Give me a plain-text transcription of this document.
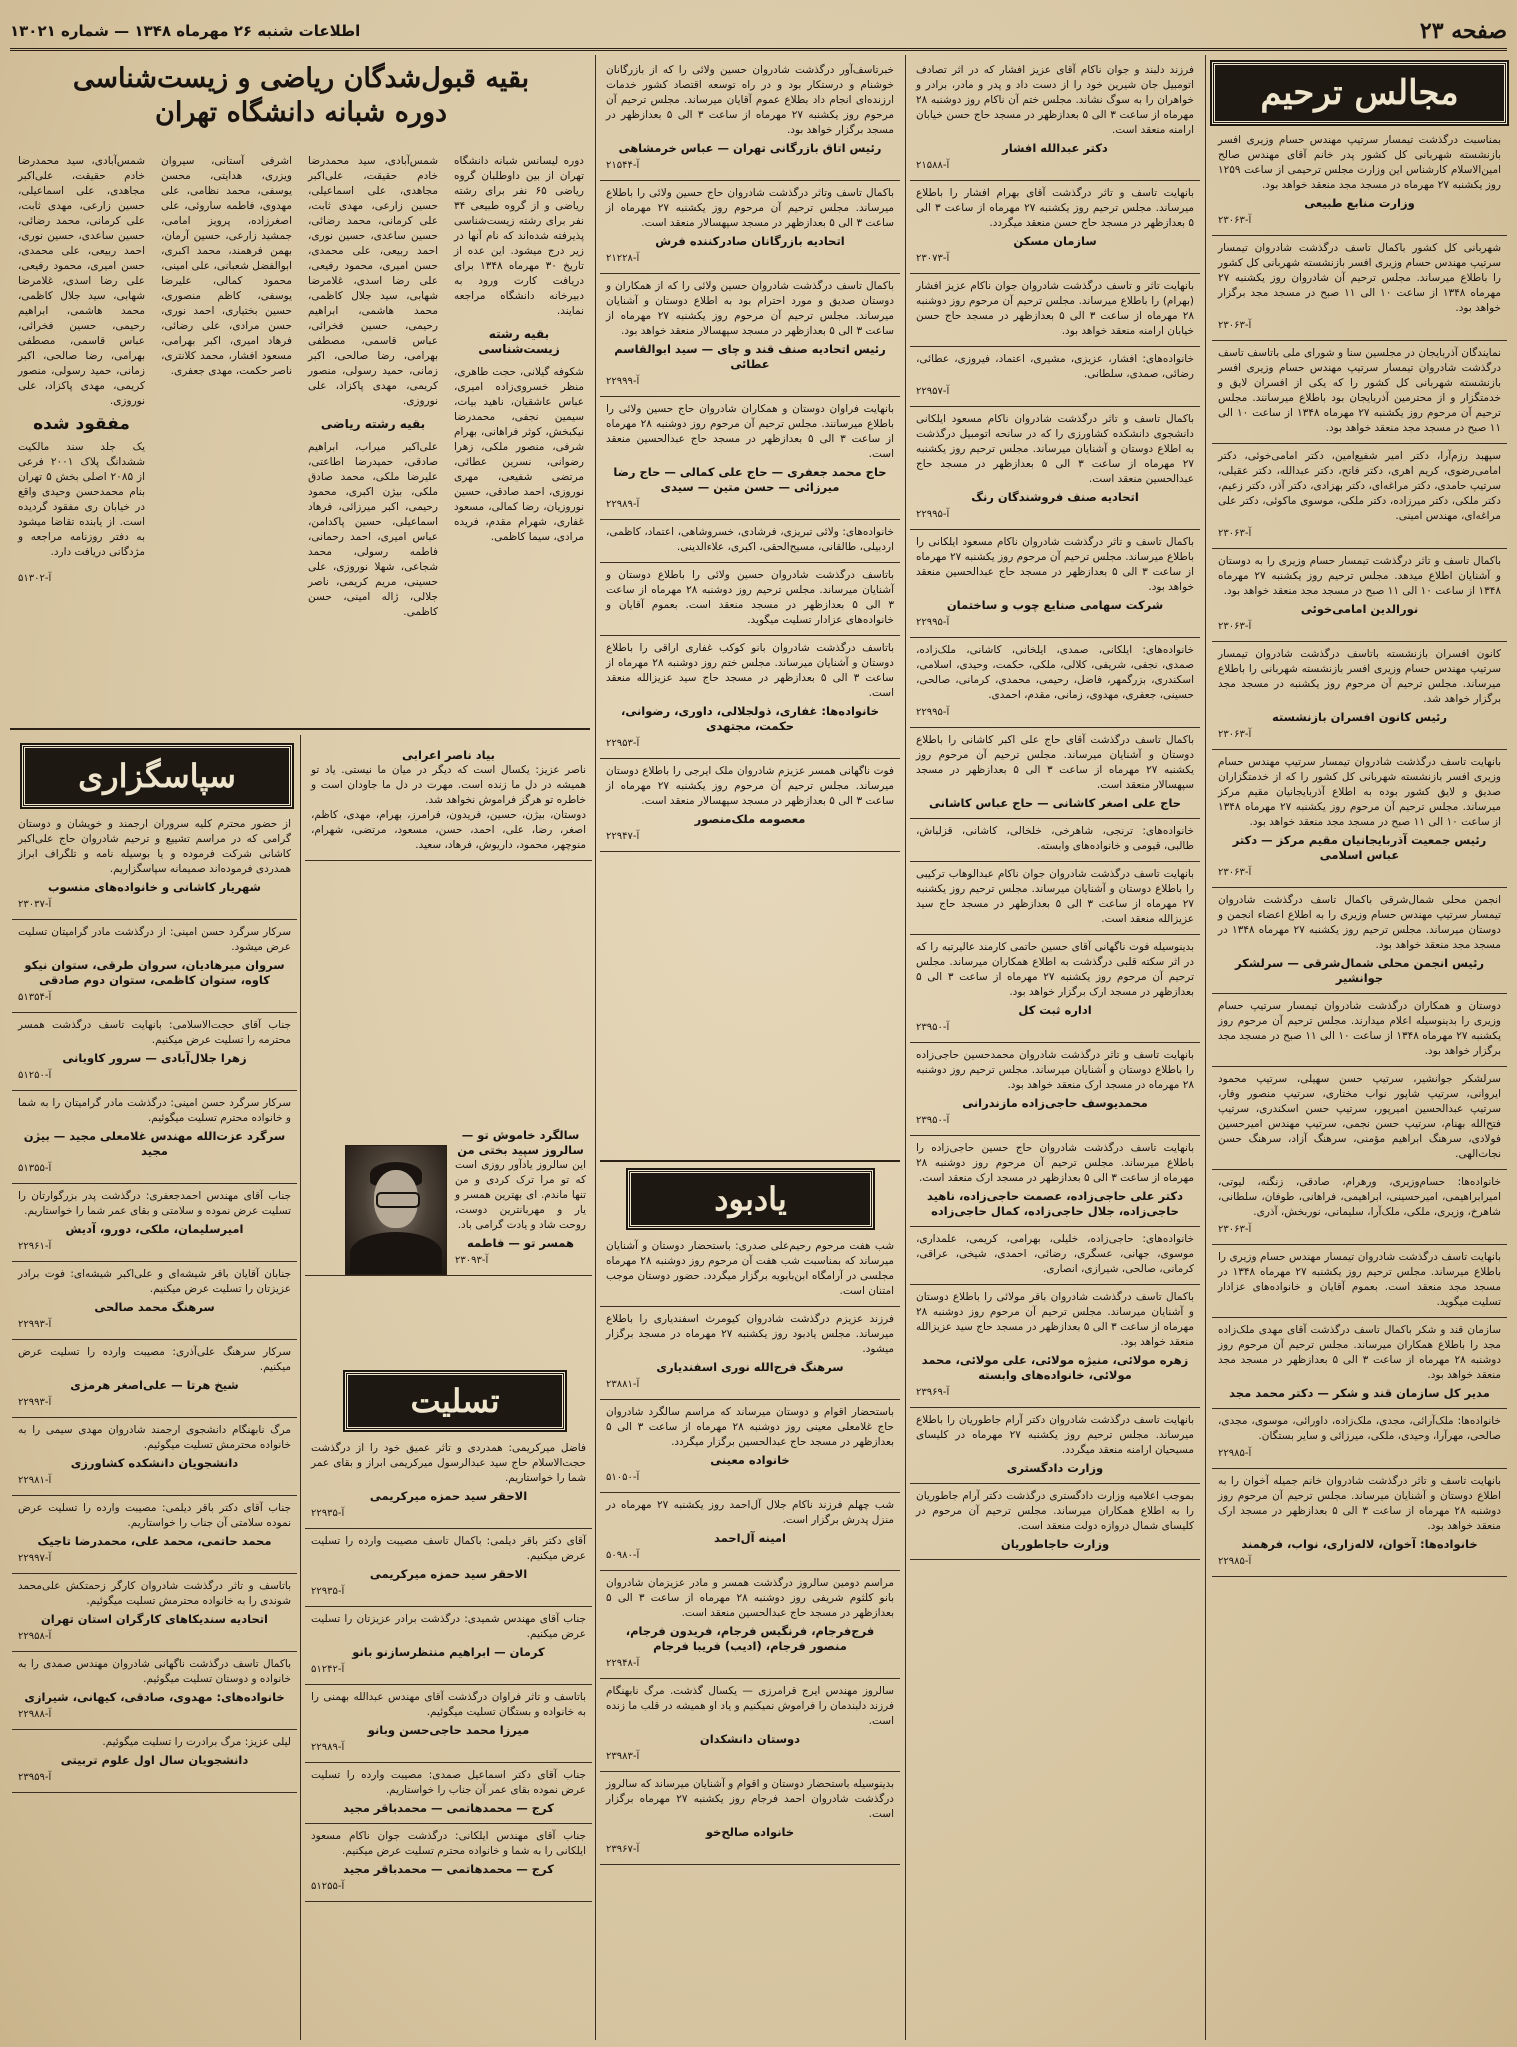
صفحه ۲۳
اطلاعات شنبه ۲۶ مهرماه ۱۳۴۸ — شماره ۱۳۰۲۱
مجالس ترحیم

بمناسبت درگذشت تیمسار سرتیپ مهندس حسام وزیری افسر بازنشسته شهربانی کل کشور پدر خانم آقای مهندس صالح امین‌الاسلام کارشناس این وزارت مجلس ترحیمی از ساعت ۱۲۵۹ روز یکشنبه ۲۷ مهرماه در مسجد مجد منعقد خواهد بود.

وزارت منابع طبیعی
آ-۲۳۰۶۳

شهربانی کل کشور باکمال تاسف درگذشت شادروان تیمسار سرتیپ مهندس حسام وزیری افسر بازنشسته شهربانی کل کشور را باطلاع میرساند. مجلس ترحیم آن شادروان روز یکشنبه ۲۷ مهرماه ۱۳۴۸ از ساعت ۱۰ الی ۱۱ صبح در مسجد مجد برگزار خواهد بود.

آ-۲۳۰۶۳

نمایندگان آذربایجان در مجلسین سنا و شورای ملی باتاسف تاسف درگذشت شادروان تیمسار سرتیپ مهندس حسام وزیری افسر بازنشسته شهربانی کل کشور را که یکی از افسران لایق و خدمتگزار و از محترمین آذربایجان بود باطلاع میرسانند. مجلس ترحیم آن مرحوم روز یکشنبه ۲۷ مهرماه ۱۳۴۸ از ساعت ۱۰ الی ۱۱ صبح در مسجد مجد منعقد خواهد بود.

سپهبد رزم‌آرا، دکتر امیر شفیع‌امین، دکتر امامی‌خوئی، دکتر امامی‌رضوی، کریم اهری، دکتر فاتح، دکتر عبدالله، دکتر عقیلی، سرتیپ حامدی، دکتر مراغه‌ای، دکتر بهزادی، دکتر آذر، دکتر زعیم، دکتر ملکی، دکتر میرزاده، دکتر ملکی، موسوی ماکوئی، دکتر علی مراغه‌ای، مهندس امینی.

آ-۲۳۰۶۳

باکمال تاسف و تاثر درگذشت تیمسار حسام وزیری را به دوستان و آشنایان اطلاع میدهد. مجلس ترحیم روز یکشنبه ۲۷ مهرماه ۱۳۴۸ از ساعت ۱۰ الی ۱۱ صبح در مسجد مجد منعقد خواهد بود.

نورالدین امامی‌خوئی
آ-۲۳۰۶۳

کانون افسران بازنشسته باتاسف درگذشت شادروان تیمسار سرتیپ مهندس حسام وزیری افسر بازنشسته شهربانی را باطلاع میرساند. مجلس ترحیم آن مرحوم روز یکشنبه در مسجد مجد برگزار خواهد شد.

رئیس کانون افسران بازنشسته
آ-۲۳۰۶۳

بانهایت تاسف درگذشت شادروان تیمسار سرتیپ مهندس حسام وزیری افسر بازنشسته شهربانی کل کشور را که از خدمتگزاران صدیق و لایق کشور بوده به اطلاع آذربایجانیان مقیم مرکز میرساند. مجلس ترحیم آن مرحوم روز یکشنبه ۲۷ مهرماه ۱۳۴۸ از ساعت ۱۰ الی ۱۱ صبح در مسجد مجد منعقد خواهد بود.

رئیس جمعیت آذربایجانیان مقیم مرکز — دکتر عباس اسلامی
آ-۲۳۰۶۳

انجمن محلی شمال‌شرقی باکمال تاسف درگذشت شادروان تیمسار سرتیپ مهندس حسام وزیری را به اطلاع اعضاء انجمن و دوستان میرساند. مجلس ترحیم روز یکشنبه ۲۷ مهرماه ۱۳۴۸ در مسجد مجد منعقد خواهد بود.

رئیس انجمن محلی شمال‌شرقی — سرلشکر جوانشیر

دوستان و همکاران درگذشت شادروان تیمسار سرتیپ حسام وزیری را بدینوسیله اعلام میدارند. مجلس ترحیم آن مرحوم روز یکشنبه ۲۷ مهرماه ۱۳۴۸ از ساعت ۱۰ الی ۱۱ صبح در مسجد مجد برگزار خواهد بود.

سرلشکر جوانشیر، سرتیپ حسن سهیلی، سرتیپ محمود ایروانی، سرتیپ شاپور نواب مختاری، سرتیپ منصور وفار، سرتیپ عبدالحسین امیرپور، سرتیپ حسن اسکندری، سرتیپ فتح‌الله بهنام، سرتیپ حسن نجمی، سرتیپ مهندس امیرحسین فولادی، سرهنگ ابراهیم مؤمنی، سرهنگ آزاد، سرهنگ حسن نجات‌الهی.

خانواده‌ها: حسام‌وزیری، ورهرام، صادقی، زنگنه، لیوتی، امیرابراهیمی، امیرحسینی، ابراهیمی، فراهانی، طوفان، سلطانی، شاهرخ، وزیری، ملکی، ملک‌آرا، سلیمانی، نوربخش، آذری.

آ-۲۳۰۶۳

بانهایت تاسف درگذشت شادروان تیمسار مهندس حسام وزیری را باطلاع میرساند. مجلس ترحیم روز یکشنبه ۲۷ مهرماه ۱۳۴۸ در مسجد مجد منعقد است. بعموم آقایان و خانواده‌های عزادار تسلیت میگوید.

سازمان قند و شکر باکمال تاسف درگذشت آقای مهدی ملک‌زاده مجد را باطلاع همکاران میرساند. مجلس ترحیم آن مرحوم روز دوشنبه ۲۸ مهرماه از ساعت ۳ الی ۵ بعدازظهر در مسجد مجد منعقد خواهد بود.

مدیر کل سازمان قند و شکر — دکتر محمد مجد

خانواده‌ها: ملک‌آرائی، مجدی، ملک‌زاده، داورائی، موسوی، مجدی، صالحی، مهرآرا، وحیدی، ملکی، میرزائی و سایر بستگان.

آ-۲۲۹۸۵

بانهایت تاسف و تاثر درگذشت شادروان خانم جمیله آخوان را به اطلاع دوستان و آشنایان میرساند. مجلس ترحیم آن مرحوم روز دوشنبه ۲۸ مهرماه از ساعت ۳ الی ۵ بعدازظهر در مسجد ارک منعقد خواهد بود.

خانواده‌ها: آخوان، لاله‌زاری، نواب، فرهمند
آ-۲۲۹۸۵

فرزند دلبند و جوان ناکام آقای عزیز افشار که در اثر تصادف اتومبیل جان شیرین خود را از دست داد و پدر و مادر، برادر و خواهران را به سوگ نشاند. مجلس ختم آن ناکام روز دوشنبه ۲۸ مهرماه از ساعت ۳ الی ۵ بعدازظهر در مسجد حاج حسن خیابان ارامنه منعقد است.

دکتر عبدالله افشار
آ-۲۱۵۸۸

بانهایت تاسف و تاثر درگذشت آقای بهرام افشار را باطلاع میرساند. مجلس ترحیم روز یکشنبه ۲۷ مهرماه از ساعت ۳ الی ۵ بعدازظهر در مسجد حاج حسن منعقد میگردد.

سازمان مسکن
آ-۲۳۰۷۳

بانهایت تاثر و تاسف درگذشت شادروان جوان ناکام عزیز افشار (بهرام) را باطلاع میرساند. مجلس ترحیم آن مرحوم روز دوشنبه ۲۸ مهرماه از ساعت ۳ الی ۵ بعدازظهر در مسجد حاج حسن خیابان ارامنه منعقد خواهد بود.

خانواده‌های: افشار، عزیزی، مشیری، اعتماد، فیروزی، عطائی، رضائی، صمدی، سلطانی.

آ-۲۲۹۵۷

باکمال تاسف و تاثر درگذشت شادروان ناکام مسعود ایلکانی دانشجوی دانشکده کشاورزی را که در سانحه اتومبیل درگذشت به اطلاع دوستان و آشنایان میرساند. مجلس ترحیم روز یکشنبه ۲۷ مهرماه از ساعت ۳ الی ۵ بعدازظهر در مسجد حاج عبدالحسین منعقد است.

اتحادیه صنف فروشندگان رنگ
آ-۲۲۹۹۵

باکمال تاسف و تاثر درگذشت شادروان ناکام مسعود ایلکانی را باطلاع میرساند. مجلس ترحیم آن مرحوم روز یکشنبه ۲۷ مهرماه از ساعت ۳ الی ۵ بعدازظهر در مسجد حاج عبدالحسین منعقد خواهد بود.

شرکت سهامی صنایع چوب و ساختمان
آ-۲۲۹۹۵

خانواده‌های: ایلکانی، صمدی، ایلخانی، کاشانی، ملک‌زاده، صمدی، نجفی، شریفی، کلالی، ملکی، حکمت، وحیدی، اسلامی، اسکندری، بزرگمهر، فاضل، رحیمی، محمدی، کرمانی، صالحی، حسینی، جعفری، مهدوی، زمانی، مقدم، احمدی.

آ-۲۲۹۹۵

باکمال تاسف درگذشت آقای حاج علی اکبر کاشانی را باطلاع دوستان و آشنایان میرساند. مجلس ترحیم آن مرحوم روز یکشنبه ۲۷ مهرماه از ساعت ۳ الی ۵ بعدازظهر در مسجد سپهسالار منعقد است.

حاج علی اصغر کاشانی — حاج عباس کاشانی

خانواده‌های: ترنجی، شاهرخی، خلخالی، کاشانی، قزلباش، طالبی، قیومی و خانواده‌های وابسته.

بانهایت تاسف درگذشت شادروان جوان ناکام عبدالوهاب ترکیبی را باطلاع دوستان و آشنایان میرساند. مجلس ترحیم روز یکشنبه ۲۷ مهرماه از ساعت ۳ الی ۵ بعدازظهر در مسجد حاج سید عزیزالله منعقد است.

بدینوسیله فوت ناگهانی آقای حسین حاتمی کارمند عالیرتبه را که در اثر سکته قلبی درگذشت به اطلاع همکاران میرساند. مجلس ترحیم آن مرحوم روز یکشنبه ۲۷ مهرماه از ساعت ۳ الی ۵ بعدازظهر در مسجد ارک برگزار خواهد بود.

اداره ثبت کل
آ-۲۳۹۵۰

بانهایت تاسف و تاثر درگذشت شادروان محمدحسین حاجی‌زاده را باطلاع دوستان و آشنایان میرساند. مجلس ترحیم روز دوشنبه ۲۸ مهرماه در مسجد ارک منعقد خواهد بود.

محمدیوسف حاجی‌زاده مازندرانی
آ-۲۳۹۵۰

بانهایت تاسف درگذشت شادروان حاج حسین حاجی‌زاده را باطلاع میرساند. مجلس ترحیم آن مرحوم روز دوشنبه ۲۸ مهرماه از ساعت ۳ الی ۵ بعدازظهر در مسجد ارک منعقد است.

دکتر علی حاجی‌زاده، عصمت حاجی‌زاده، ناهید حاجی‌زاده، جلال حاجی‌زاده، کمال حاجی‌زاده

خانواده‌های: حاجی‌زاده، خلیلی، بهرامی، کریمی، علمداری، موسوی، جهانی، عسگری، رضائی، احمدی، شیخی، عراقی، کرمانی، صالحی، شیرازی، انصاری.

باکمال تاسف درگذشت شادروان باقر مولائی را باطلاع دوستان و آشنایان میرساند. مجلس ترحیم آن مرحوم روز دوشنبه ۲۸ مهرماه از ساعت ۳ الی ۵ بعدازظهر در مسجد حاج سید عزیزالله منعقد خواهد بود.

زهره مولائی، منیژه مولائی، علی مولائی، محمد مولائی، خانواده‌های وابسته
آ-۲۳۹۶۹

بانهایت تاسف درگذشت شادروان دکتر آرام جاطوریان را باطلاع میرساند. مجلس ترحیم روز یکشنبه ۲۷ مهرماه در کلیسای مسیحیان ارامنه منعقد میگردد.

وزارت دادگستری

بموجب اعلامیه وزارت دادگستری درگذشت دکتر آرام جاطوریان را به اطلاع همکاران میرساند. مجلس ترحیم آن مرحوم در کلیسای شمال دروازه دولت منعقد است.

وزارت حاجاطوریان

خبرتاسف‌آور درگذشت شادروان حسین ولائی را که از بازرگانان خوشنام و درستکار بود و در راه توسعه اقتصاد کشور خدمات ارزنده‌ای انجام داد بطلاع عموم آقایان میرساند. مجلس ترحیم آن مرحوم روز یکشنبه ۲۷ مهرماه از ساعت ۳ الی ۵ بعدازظهر در مسجد برگزار خواهد بود.

رئیس اتاق بازرگانی تهران — عباس خرمشاهی
آ-۲۱۵۴۴

باکمال تاسف وتاثر درگذشت شادروان حاج حسین ولائی را باطلاع میرساند. مجلس ترحیم آن مرحوم روز یکشنبه ۲۷ مهرماه از ساعت ۳ الی ۵ بعدازظهر در مسجد سپهسالار منعقد است.

اتحادیه بازرگانان صادرکننده فرش
آ-۲۱۲۲۸

باکمال تاسف درگذشت شادروان حسین ولائی را که از همکاران و دوستان صدیق و مورد احترام بود به اطلاع دوستان و آشنایان میرساند. مجلس ترحیم آن مرحوم روز یکشنبه ۲۷ مهرماه از ساعت ۳ الی ۵ بعدازظهر در مسجد سپهسالار منعقد خواهد بود.

رئیس اتحادیه صنف قند و چای — سید ابوالقاسم عطائی
آ-۲۲۹۹۹

بانهایت فراوان دوستان و همکاران شادروان حاج حسین ولائی را باطلاع میرسانند. مجلس ترحیم آن مرحوم روز دوشنبه ۲۸ مهرماه از ساعت ۳ الی ۵ بعدازظهر در مسجد حاج عبدالحسین منعقد است.

حاج محمد جعفری — حاج علی کمالی — حاج رضا میرزائی — حسن متین — سیدی
آ-۲۲۹۸۹

خانواده‌های: ولائی تبریزی، فرشادی، خسروشاهی، اعتماد، کاظمی، اردبیلی، طالقانی، مسیح‌الحقی، اکبری، علاءالدینی.

باتاسف درگذشت شادروان حسین ولائی را باطلاع دوستان و آشنایان میرساند. مجلس ترحیم روز دوشنبه ۲۸ مهرماه از ساعت ۳ الی ۵ بعدازظهر در مسجد منعقد است. بعموم آقایان و خانواده‌های عزادار تسلیت میگوید.

باتاسف درگذشت شادروان بانو کوکب غفاری اراقی را باطلاع دوستان و آشنایان میرساند. مجلس ختم روز دوشنبه ۲۸ مهرماه از ساعت ۳ الی ۵ بعدازظهر در مسجد حاج سید عزیزالله منعقد است.

خانواده‌ها: غفاری، ذولجلالی، داوری، رضوانی، حکمت، مجتهدی
آ-۲۲۹۵۳

فوت ناگهانی همسر عزیزم شادروان ملک ایرجی را باطلاع دوستان میرساند. مجلس ترحیم آن مرحوم روز یکشنبه ۲۷ مهرماه از ساعت ۳ الی ۵ بعدازظهر در مسجد سپهسالار منعقد است.

معصومه ملک‌منصور
آ-۲۲۹۴۷
یادبود

شب هفت مرحوم رحیم‌علی صدری: باستحضار دوستان و آشنایان میرساند که بمناسبت شب هفت آن مرحوم روز دوشنبه ۲۸ مهرماه مجلسی در آرامگاه ابن‌بابویه برگزار میگردد. حضور دوستان موجب امتنان است.

فرزند عزیزم درگذشت شادروان کیومرث اسفندیاری را باطلاع میرساند. مجلس یادبود روز یکشنبه ۲۷ مهرماه در مسجد برگزار میشود.

سرهنگ فرج‌الله نوری اسفندیاری
آ-۲۳۸۸۱

باستحضار اقوام و دوستان میرساند که مراسم سالگرد شادروان حاج غلامعلی معینی روز دوشنبه ۲۸ مهرماه از ساعت ۳ الی ۵ بعدازظهر در مسجد حاج عبدالحسین برگزار میگردد.

خانواده معینی
آ-۵۱۰۵۰

شب چهلم فرزند ناکام جلال آل‌احمد روز یکشنبه ۲۷ مهرماه در منزل پدرش برگزار است.

امینه آل‌احمد
آ-۵۰۹۸۰

مراسم دومین سالروز درگذشت همسر و مادر عزیزمان شادروان بانو کلثوم شریفی روز دوشنبه ۲۸ مهرماه از ساعت ۳ الی ۵ بعدازظهر در مسجد حاج عبدالحسین منعقد است.

فرج‌فرجام، فرنگیس فرجام، فریدون فرجام، منصور فرجام، (ادیب) فریبا فرجام
آ-۲۲۹۴۸

سالروز مهندس ایرج قرامرزی — یکسال گذشت. مرگ نابهنگام فرزند دلبندمان را فراموش نمیکنیم و یاد او همیشه در قلب ما زنده است.

دوستان دانشکدان
آ-۲۳۹۸۳

بدینوسیله باستحضار دوستان و اقوام و آشنایان میرساند که سالروز درگذشت شادروان احمد فرجام روز یکشنبه ۲۷ مهرماه برگزار است.

خانواده صالح‌خو
آ-۲۳۹۶۷
بقیه قبول‌شدگان ریاضی و زیست‌شناسی
دوره شبانه دانشگاه تهران
دوره لیسانس شبانه دانشگاه تهران از بین داوطلبان گروه ریاضی ۶۵ نفر برای رشته ریاضی و از گروه طبیعی ۳۴ نفر برای رشته زیست‌شناسی پذیرفته شده‌اند که نام آنها در زیر درج میشود. این عده از تاریخ ۳۰ مهرماه ۱۳۴۸ برای دریافت کارت ورود به دبیرخانه دانشگاه مراجعه نمایند.
بقیه رشته زیست‌شناسی
شکوفه گیلانی، حجت طاهری، منظر خسروی‌زاده امیری، عباس عاشقیان، ناهید بیات، سیمین نجفی، محمدرضا نیکبخش، کوثر فراهانی، بهرام شرفی، منصور ملکی، زهرا رضوانی، نسرین عطائی، مرتضی شفیعی، مهری نوروزی، احمد صادقی، حسین نوروزیان، رضا کمالی، مسعود غفاری، شهرام مقدم، فریده مرادی، سیما کاظمی.
شمس‌آبادی، سید محمدرضا خادم حقیقت، علی‌اکبر مجاهدی، علی اسماعیلی، حسین زارعی، مهدی ثابت، علی کرمانی، محمد رضائی، حسین ساعدی، حسین نوری، احمد ربیعی، علی محمدی، حسن امیری، محمود رفیعی، علی رضا اسدی، غلامرضا شهابی، سید جلال کاظمی، محمد هاشمی، ابراهیم رحیمی، حسین فخرائی، عباس قاسمی، مصطفی بهرامی، رضا صالحی، اکبر زمانی، حمید رسولی، منصور کریمی، مهدی پاکزاد، علی نوروزی.
بقیه رشته ریاضی
علی‌اکبر میراب، ابراهیم صادقی، حمیدرضا اطاعتی، علیرضا ملکی، محمد صادق ملکی، بیژن اکبری، محمود رحیمی، اکبر میرزائی، فرهاد اسماعیلی، حسین پاکدامن، عباس امیری، احمد رحمانی، فاطمه رسولی، محمد شجاعی، شهلا نوروزی، علی حسینی، مریم کریمی، ناصر جلالی، ژاله امینی، حسن کاظمی.
اشرفی آستانی، سیروان ویزری، هدایتی، محسن یوسفی، محمد نظامی، علی مهدوی، فاطمه ساروئی، علی اصغرزاده، پرویز امامی، جمشید زارعی، حسین آرمان، بهمن فرهمند، محمد اکبری، ابوالفضل شعبانی، علی امینی، محمود کمالی، علیرضا یوسفی، کاظم منصوری، حسین بختیاری، احمد نوری، حسن مرادی، علی رضائی، فرهاد امیری، اکبر بهرامی، مسعود افشار، محمد کلانتری، ناصر حکمت، مهدی جعفری.
شمس‌آبادی، سید محمدرضا خادم حقیقت، علی‌اکبر مجاهدی، علی اسماعیلی، حسین زارعی، مهدی ثابت، علی کرمانی، محمد رضائی، حسین ساعدی، حسین نوری، احمد ربیعی، علی محمدی، حسن امیری، محمود رفیعی، علی رضا اسدی، غلامرضا شهابی، سید جلال کاظمی، محمد هاشمی، ابراهیم رحیمی، حسین فخرائی، عباس قاسمی، مصطفی بهرامی، رضا صالحی، اکبر زمانی، حمید رسولی، منصور کریمی، مهدی پاکزاد، علی نوروزی.
مفقود شده
یک جلد سند مالکیت ششدانگ پلاک ۲۰۰۱ فرعی از ۲۰۸۵ اصلی بخش ۵ تهران بنام محمدحسن وحیدی واقع در خیابان ری مفقود گردیده است. از یابنده تقاضا میشود به دفتر روزنامه مراجعه و مژدگانی دریافت دارد.
آ-۵۱۳۰۲
سپاسگزاری

از حضور محترم کلیه سروران ارجمند و خویشان و دوستان گرامی که در مراسم تشییع و ترحیم شادروان حاج علی‌اکبر کاشانی شرکت فرموده و یا بوسیله نامه و تلگراف ابراز همدردی فرموده‌اند صمیمانه سپاسگزاریم.

شهریار کاشانی و خانواده‌های منسوب
آ-۲۳۰۳۷

سرکار سرگرد حسن امینی: از درگذشت مادر گرامیتان تسلیت عرض میشود.

سروان میرهادیان، سروان طرقی، ستوان نیکو کاوه، ستوان کاظمی، ستوان دوم صادقی
آ-۵۱۳۵۴

جناب آقای حجت‌الاسلامی: بانهایت تاسف درگذشت همسر محترمه را تسلیت عرض میکنیم.

زهرا جلال‌آبادی — سرور کاویانی
آ-۵۱۲۵۰

سرکار سرگرد حسن امینی: درگذشت مادر گرامیتان را به شما و خانواده محترم تسلیت میگوئیم.

سرگرد عزت‌الله مهندس غلامعلی مجید — بیژن مجید
آ-۵۱۳۵۵

جناب آقای مهندس احمدجعفری: درگذشت پدر بزرگوارتان را تسلیت عرض نموده و سلامتی و بقای عمر شما را خواستاریم.

امیرسلیمان، ملکی، دورو، آدیش
آ-۲۲۹۶۱

جنابان آقایان باقر شیشه‌ای و علی‌اکبر شیشه‌ای: فوت برادر عزیزتان را تسلیت عرض میکنیم.

سرهنگ محمد صالحی
آ-۲۲۹۹۳

سرکار سرهنگ علی‌آذری: مصیبت وارده را تسلیت عرض میکنیم.

شیخ هرتا — علی‌اصغر هرمزی
آ-۲۲۹۹۳

مرگ نابهنگام دانشجوی ارجمند شادروان مهدی سیمی را به خانواده محترمش تسلیت میگوئیم.

دانشجویان دانشکده کشاورزی
آ-۲۲۹۸۱

جناب آقای دکتر باقر دیلمی: مصیبت وارده را تسلیت عرض نموده سلامتی آن جناب را خواستاریم.

محمد حاتمی، محمد علی، محمدرضا تاجیک
آ-۲۲۹۹۷

باتاسف و تاثر درگذشت شادروان کارگر زحمتکش علی‌محمد شوندی را به خانواده محترمش تسلیت میگوئیم.

اتحادیه سندیکاهای کارگران استان تهران
آ-۲۲۹۵۸

باکمال تاسف درگذشت ناگهانی شادروان مهندس صمدی را به خانواده و دوستان تسلیت میگوئیم.

خانواده‌های: مهدوی، صادقی، کیهانی، شیرازی
آ-۲۲۹۸۸

لیلی عزیز: مرگ برادرت را تسلیت میگوئیم.

دانشجویان سال اول علوم تربیتی
آ-۲۳۹۵۹
بیاد ناصر اعرابی

ناصر عزیز: یکسال است که دیگر در میان ما نیستی. یاد تو همیشه در دل ما زنده است. مهرت در دل ما جاودان است و خاطره تو هرگز فراموش نخواهد شد.

دوستان، بیژن، حسین، فریدون، فرامرز، بهرام، مهدی، کاظم، اصغر، رضا، علی، احمد، حسن، مسعود، مرتضی، شهرام، منوچهر، محمود، داریوش، فرهاد، سعید.

سالگرد خاموش تو — سالروز سپید بختی من

این سالروز یادآور روزی است که تو مرا ترک کردی و من تنها ماندم. ای بهترین همسر و یار و مهربانترین دوست، روحت شاد و یادت گرامی باد.

همسر تو — فاطمه
آ-۲۳۰۹۳
تسلیت

فاضل میرکریمی: همدردی و تاثر عمیق خود را از درگذشت حجت‌الاسلام حاج سید عبدالرسول میرکریمی ابراز و بقای عمر شما را خواستاریم.

الاحقر سید حمزه میرکریمی
آ-۲۲۹۳۵

آقای دکتر باقر دیلمی: باکمال تاسف مصیبت وارده را تسلیت عرض میکنیم.

الاحقر سید حمزه میرکریمی
آ-۲۲۹۳۵

جناب آقای مهندس شمیدی: درگذشت برادر عزیزتان را تسلیت عرض میکنیم.

کرمان — ابراهیم منتظرسازنو بانو
آ-۵۱۲۴۲

باتاسف و تاثر فراوان درگذشت آقای مهندس عبدالله بهمنی را به خانواده و بستگان تسلیت میگوئیم.

میرزا محمد حاجی‌حسن وبانو
آ-۲۲۹۸۹

جناب آقای دکتر اسماعیل صمدی: مصیبت وارده را تسلیت عرض نموده بقای عمر آن جناب را خواستاریم.

کرج — محمدهاتمی — محمدباقر مجید

جناب آقای مهندس ایلکانی: درگذشت جوان ناکام مسعود ایلکانی را به شما و خانواده محترم تسلیت عرض میکنیم.

کرج — محمدهاتمی — محمدباقر مجید
آ-۵۱۲۵۵
